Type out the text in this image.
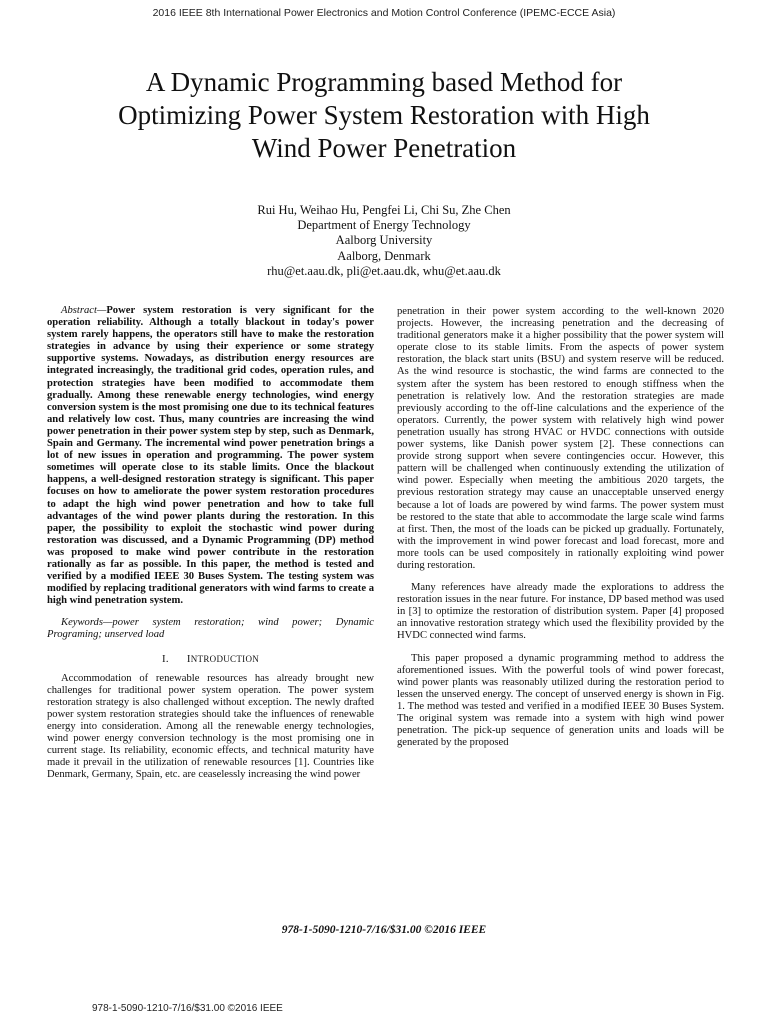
2016 IEEE 8th International Power Electronics and Motion Control Conference (IPEMC-ECCE Asia)
A Dynamic Programming based Method for
Optimizing Power System Restoration with High
Wind Power Penetration
Rui Hu, Weihao Hu, Pengfei Li, Chi Su, Zhe Chen
Department of Energy Technology
Aalborg University
Aalborg, Denmark
rhu@et.aau.dk, pli@et.aau.dk, whu@et.aau.dk

Abstract—Power system restoration is very significant for the operation reliability. Although a totally blackout in today's power system rarely happens, the operators still have to make the restoration strategies in advance by using their experience or some strategy supportive systems. Nowadays, as distribution energy resources are integrated increasingly, the traditional grid codes, operation rules, and protection strategies have been modified to accommodate them gradually. Among these renewable energy technologies, wind energy conversion system is the most promising one due to its technical features and relatively low cost. Thus, many countries are increasing the wind power penetration in their power system step by step, such as Denmark, Spain and Germany. The incremental wind power penetration brings a lot of new issues in operation and programming. The power system sometimes will operate close to its stable limits. Once the blackout happens, a well-designed restoration strategy is significant. This paper focuses on how to ameliorate the power system restoration procedures to adapt the high wind power penetration and how to take full advantages of the wind power plants during the restoration. In this paper, the possibility to exploit the stochastic wind power during restoration was discussed, and a Dynamic Programming (DP) method was proposed to make wind power contribute in the restoration rationally as far as possible. In this paper, the method is tested and verified by a modified IEEE 30 Buses System. The testing system was modified by replacing traditional generators with wind farms to create a high wind penetration system.

Keywords—power system restoration; wind power; Dynamic Programing; unserved load

I. INTRODUCTION

Accommodation of renewable resources has already brought new challenges for traditional power system operation. The power system restoration strategy is also challenged without exception. The newly drafted power system restoration strategies should take the influences of renewable energy into consideration. Among all the renewable energy technologies, wind power energy conversion technology is the most promising one in current stage. Its reliability, economic effects, and technical maturity have made it prevail in the utilization of renewable resources [1]. Countries like Denmark, Germany, Spain, etc. are ceaselessly increasing the wind power

penetration in their power system according to the well-known 2020 projects. However, the increasing penetration and the decreasing of traditional generators make it a higher possibility that the power system will operate close to its stable limits. From the aspects of power system restoration, the black start units (BSU) and system reserve will be reduced. As the wind resource is stochastic, the wind farms are connected to the system after the system has been restored to enough stiffness when the penetration is relatively low. And the restoration strategies are made previously according to the off-line calculations and the experience of the operators. Currently, the power system with relatively high wind power penetration usually has strong HVAC or HVDC connections with outside power systems, like Danish power system [2]. These connections can provide strong support when severe contingencies occur. However, this pattern will be challenged when continuously extending the utilization of wind power. Especially when meeting the ambitious 2020 targets, the previous restoration strategy may cause an unacceptable unserved energy because a lot of loads are powered by wind farms. The power system must be restored to the state that able to accommodate the large scale wind farms at first. Then, the most of the loads can be picked up gradually. Fortunately, with the improvement in wind power forecast and load forecast, more and more tools can be used compositely in rationally exploiting wind power during restoration.

Many references have already made the explorations to address the restoration issues in the near future. For instance, DP based method was used in [3] to optimize the restoration of distribution system. Paper [4] proposed an innovative restoration strategy which used the flexibility provided by the HVDC connected wind farms.

This paper proposed a dynamic programming method to address the aforementioned issues. With the powerful tools of wind power forecast, wind power plants was reasonably utilized during the restoration period to lessen the unserved energy. The concept of unserved energy is shown in Fig. 1. The method was tested and verified in a modified IEEE 30 Buses System. The original system was remade into a system with high wind power penetration. The pick-up sequence of generation units and loads will be generated by the proposed

978-1-5090-1210-7/16/$31.00 ©2016 IEEE
978-1-5090-1210-7/16/$31.00 ©2016 IEEE
